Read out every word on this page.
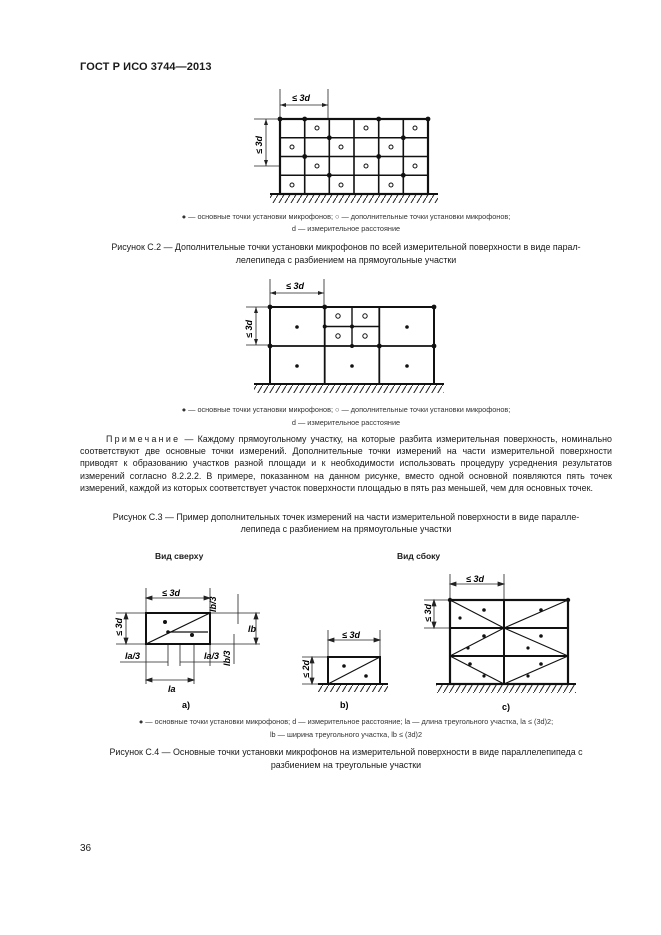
ГОСТ Р ИСО 3744—2013
≤ 3d
≤ 3d
● — основные точки установки микрофонов; ○ — дополнительные точки установки микрофонов;
d — измерительное расстояние
Рисунок С.2 — Дополнительные точки установки микрофонов по всей измерительной поверхности в виде парал-
лелепипеда с разбиением на прямоугольные участки
≤ 3d
≤ 3d
● — основные точки установки микрофонов; ○ — дополнительные точки установки микрофонов;
d — измерительное расстояние
Примечание — Каждому прямоугольному участку, на которые разбита измерительная поверхность, номинально соответствуют две основные точки измерений. Дополнительные точки измерений на части измерительной поверхности приводят к образованию участков разной площади и к необходимости использовать процедуру усреднения результатов измерений согласно 8.2.2.2. В примере, показанном на данном рисунке, вместо одной основной появляются пять точек измерений, каждой из которых соответствует участок поверхности площадью в пять раз меньшей, чем для основных точек.
Рисунок С.3 — Пример дополнительных точек измерений на части измерительной поверхности в виде паралле-
лепипеда с разбиением на прямоугольные участки
Вид сверху	Вид сбоку
≤ 3d
≤ 3d
lb/3
lb
lb/3
la/3	la/3
la
a)
≤ 3d
≤ 2d
b)
≤ 3d
≤ 3d
c)
● — основные точки установки микрофонов; d — измерительное расстояние; la — длина треугольного участка, la ≤ (3d)2;
lb — ширина треугольного участка, lb ≤ (3d)2
Рисунок С.4 — Основные точки установки микрофонов на измерительной поверхности в виде параллелепипеда с
разбиением на треугольные участки
36
